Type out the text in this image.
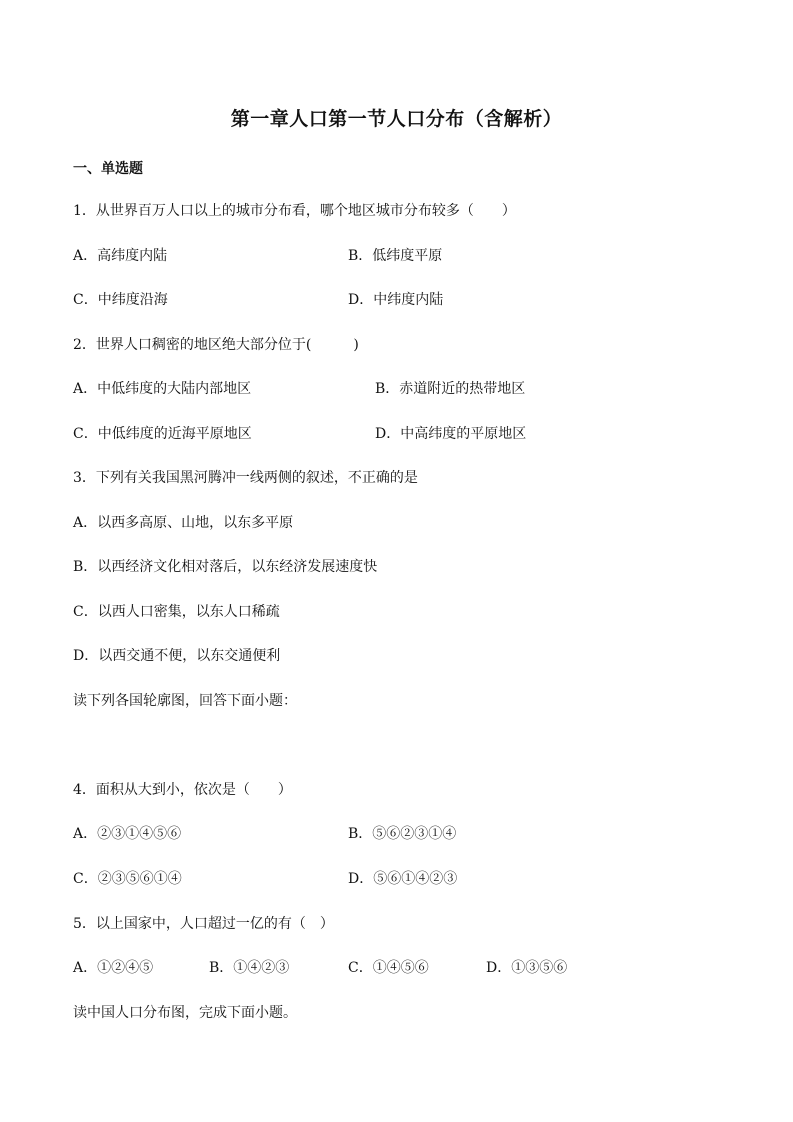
第一章人口第一节人口分布（含解析）
一、单选题
1．从世界百万人口以上的城市分布看，哪个地区城市分布较多（　　）
A．高纬度内陆	B．低纬度平原
C．中纬度沿海	D．中纬度内陆
2．世界人口稠密的地区绝大部分位于(　　　)
A．中低纬度的大陆内部地区	B．赤道附近的热带地区
C．中低纬度的近海平原地区	D．中高纬度的平原地区
3．下列有关我国黑河腾冲一线两侧的叙述，不正确的是
A．以西多高原、山地，以东多平原
B．以西经济文化相对落后，以东经济发展速度快
C．以西人口密集，以东人口稀疏
D．以西交通不便，以东交通便利
读下列各国轮廓图，回答下面小题：
4．面积从大到小，依次是（　　）
A．②③①④⑤⑥	B．⑤⑥②③①④
C．②③⑤⑥①④	D．⑤⑥①④②③
5．以上国家中，人口超过一亿的有（　）
A．①②④⑤	B．①④②③	C．①④⑤⑥	D．①③⑤⑥
读中国人口分布图，完成下面小题。
